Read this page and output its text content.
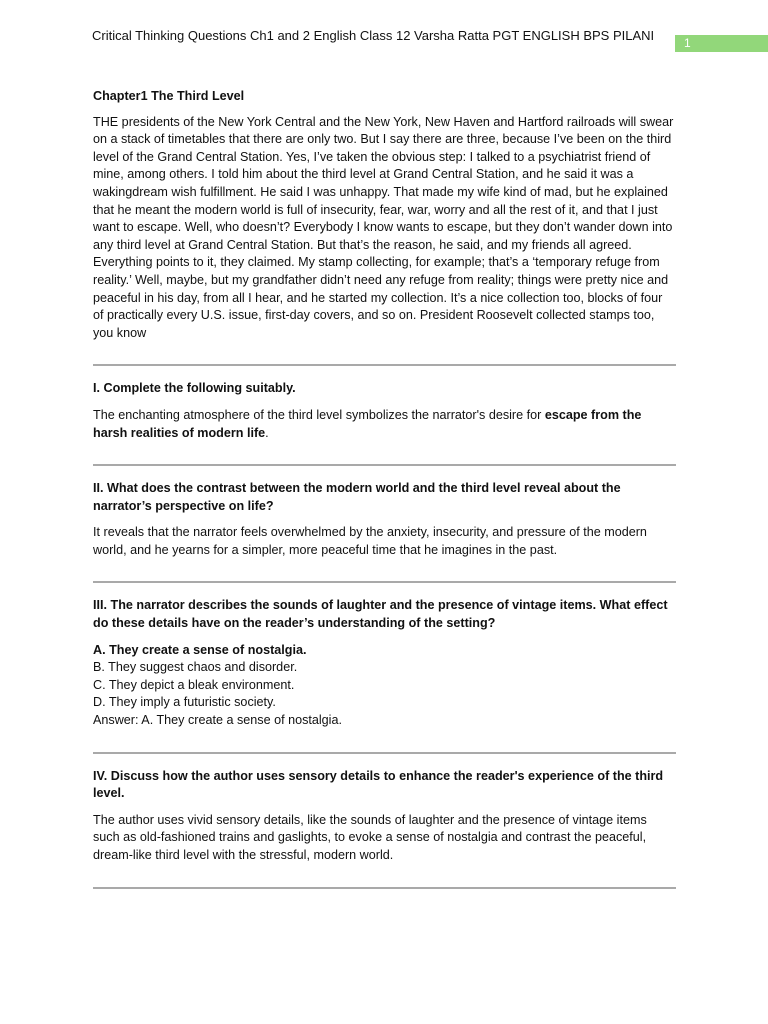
Critical Thinking Questions Ch1 and 2 English Class 12 Varsha Ratta PGT ENGLISH BPS PILANI	1

Chapter1 The Third Level

THE presidents of the New York Central and the New York, New Haven and Hartford railroads will swear on a stack of timetables that there are only two. But I say there are three, because I’ve been on the third level of the Grand Central Station. Yes, I’ve taken the obvious step: I talked to a psychiatrist friend of mine, among others. I told him about the third level at Grand Central Station, and he said it was a wakingdream wish fulfillment. He said I was unhappy. That made my wife kind of mad, but he explained that he meant the modern world is full of insecurity, fear, war, worry and all the rest of it, and that I just want to escape. Well, who doesn’t? Everybody I know wants to escape, but they don’t wander down into any third level at Grand Central Station. But that’s the reason, he said, and my friends all agreed. Everything points to it, they claimed. My stamp collecting, for example; that’s a ‘temporary refuge from reality.’ Well, maybe, but my grandfather didn’t need any refuge from reality; things were pretty nice and peaceful in his day, from all I hear, and he started my collection. It’s a nice collection too, blocks of four of practically every U.S. issue, first-day covers, and so on. President Roosevelt collected stamps too, you know

I. Complete the following suitably.

The enchanting atmosphere of the third level symbolizes the narrator's desire for escape from the harsh realities of modern life.

II. What does the contrast between the modern world and the third level reveal about the narrator’s perspective on life?

It reveals that the narrator feels overwhelmed by the anxiety, insecurity, and pressure of the modern world, and he yearns for a simpler, more peaceful time that he imagines in the past.

III. The narrator describes the sounds of laughter and the presence of vintage items. What effect do these details have on the reader’s understanding of the setting?

A. They create a sense of nostalgia.
B. They suggest chaos and disorder.
C. They depict a bleak environment.
D. They imply a futuristic society.
Answer: A. They create a sense of nostalgia.

IV. Discuss how the author uses sensory details to enhance the reader's experience of the third level.

The author uses vivid sensory details, like the sounds of laughter and the presence of vintage items such as old-fashioned trains and gaslights, to evoke a sense of nostalgia and contrast the peaceful, dream-like third level with the stressful, modern world.
